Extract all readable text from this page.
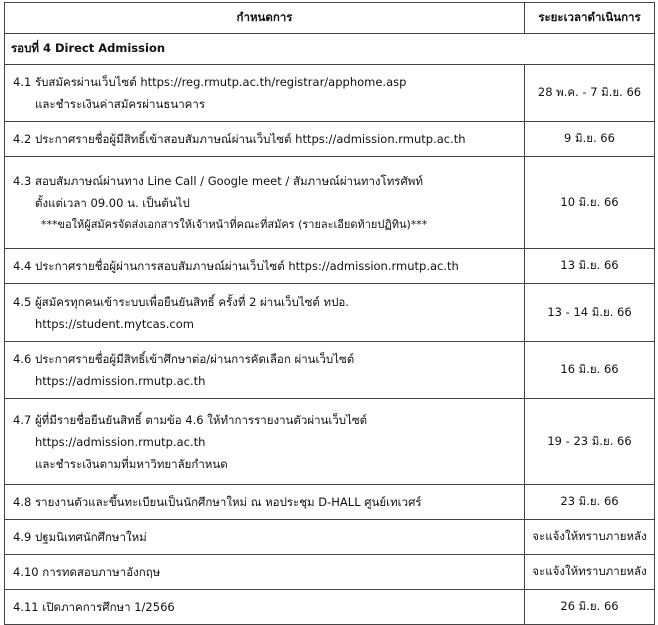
กำหนดการ	ระยะเวลาดำเนินการ
รอบที่ 4 Direct Admission	

4.1 รับสมัครผ่านเว็บไซต์ https://reg.rmutp.ac.th/registrar/apphome.asp
และชำระเงินค่าสมัครผ่านธนาคาร	28 พ.ค. - 7 มิ.ย. 66

4.2 ประกาศรายชื่อผู้มีสิทธิ์เข้าสอบสัมภาษณ์ผ่านเว็บไซต์ https://admission.rmutp.ac.th	9 มิ.ย. 66

4.3 สอบสัมภาษณ์ผ่านทาง Line Call / Google meet / สัมภาษณ์ผ่านทางโทรศัพท์
ตั้งแต่เวลา 09.00 น. เป็นต้นไป
***ขอให้ผู้สมัครจัดส่งเอกสารให้เจ้าหน้าที่คณะที่สมัคร (รายละเอียดท้ายปฏิทิน)***	10 มิ.ย. 66

4.4 ประกาศรายชื่อผู้ผ่านการสอบสัมภาษณ์ผ่านเว็บไซต์ https://admission.rmutp.ac.th	13 มิ.ย. 66

4.5 ผู้สมัครทุกคนเข้าระบบเพื่อยืนยันสิทธิ์ ครั้งที่ 2 ผ่านเว็บไซต์ ทปอ.
https://student.mytcas.com	13 - 14 มิ.ย. 66

4.6 ประกาศรายชื่อผู้มีสิทธิ์เข้าศึกษาต่อ/ผ่านการคัดเลือก ผ่านเว็บไซต์
https://admission.rmutp.ac.th	16 มิ.ย. 66

4.7 ผู้ที่มีรายชื่อยืนยันสิทธิ์ ตามข้อ 4.6 ให้ทำการรายงานตัวผ่านเว็บไซต์
https://admission.rmutp.ac.th
และชำระเงินตามที่มหาวิทยาลัยกำหนด	19 - 23 มิ.ย. 66

4.8 รายงานตัวและขึ้นทะเบียนเป็นนักศึกษาใหม่ ณ หอประชุม D-HALL ศูนย์เทเวศร์	23 มิ.ย. 66

4.9 ปฐมนิเทศนักศึกษาใหม่	จะแจ้งให้ทราบภายหลัง

4.10 การทดสอบภาษาอังกฤษ	จะแจ้งให้ทราบภายหลัง

4.11 เปิดภาคการศึกษา 1/2566	26 มิ.ย. 66
